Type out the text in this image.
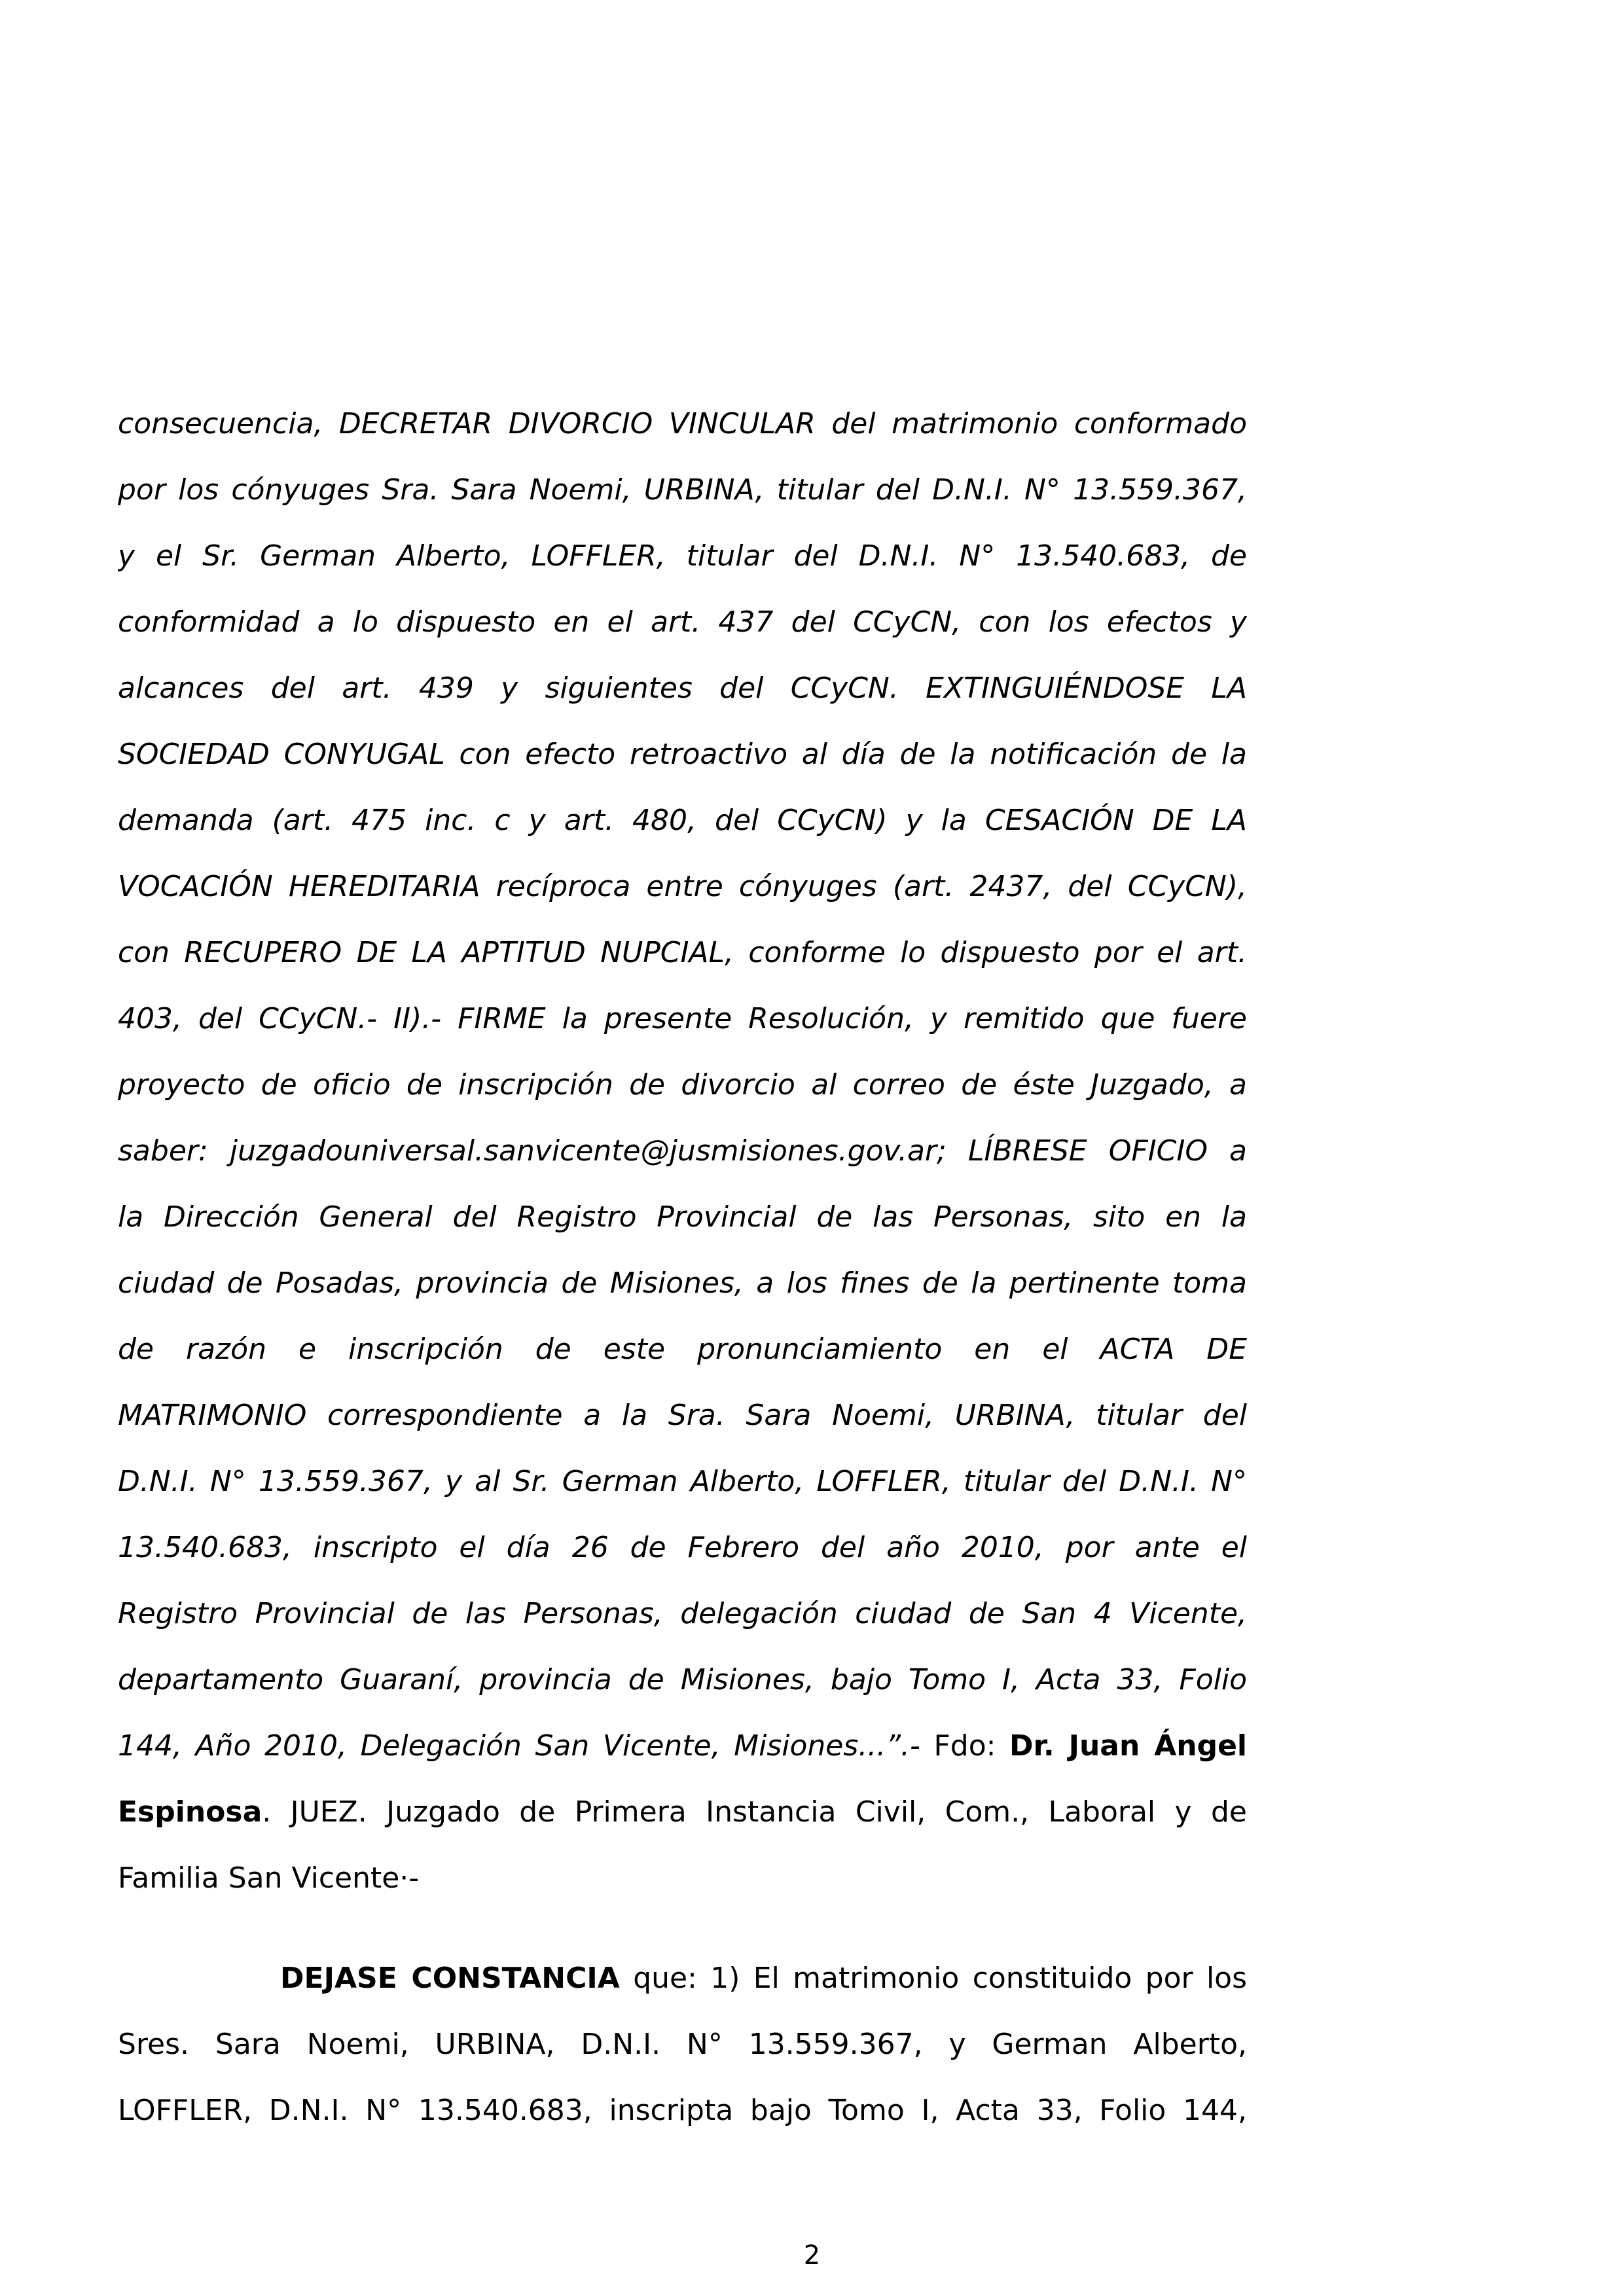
consecuencia, DECRETAR DIVORCIO VINCULAR del matrimonio conformado
por los cónyuges Sra. Sara Noemi, URBINA, titular del D.N.I. N° 13.559.367,
y el Sr. German Alberto, LOFFLER, titular del D.N.I. N° 13.540.683, de
conformidad a lo dispuesto en el art. 437 del CCyCN, con los efectos y
alcances del art. 439 y siguientes del CCyCN. EXTINGUIÉNDOSE LA
SOCIEDAD CONYUGAL con efecto retroactivo al día de la notificación de la
demanda (art. 475 inc. c y art. 480, del CCyCN) y la CESACIÓN DE LA
VOCACIÓN HEREDITARIA recíproca entre cónyuges (art. 2437, del CCyCN),
con RECUPERO DE LA APTITUD NUPCIAL, conforme lo dispuesto por el art.
403, del CCyCN.- II).- FIRME la presente Resolución, y remitido que fuere
proyecto de oficio de inscripción de divorcio al correo de éste Juzgado, a
saber: juzgadouniversal.sanvicente@jusmisiones.gov.ar; LÍBRESE OFICIO a
la Dirección General del Registro Provincial de las Personas, sito en la
ciudad de Posadas, provincia de Misiones, a los fines de la pertinente toma
de razón e inscripción de este pronunciamiento en el ACTA DE
MATRIMONIO correspondiente a la Sra. Sara Noemi, URBINA, titular del
D.N.I. N° 13.559.367, y al Sr. German Alberto, LOFFLER, titular del D.N.I. N°
13.540.683, inscripto el día 26 de Febrero del año 2010, por ante el
Registro Provincial de las Personas, delegación ciudad de San 4 Vicente,
departamento Guaraní, provincia de Misiones, bajo Tomo I, Acta 33, Folio
144, Año 2010, Delegación San Vicente, Misiones...”.- Fdo: Dr. Juan Ángel
Espinosa. JUEZ. Juzgado de Primera Instancia Civil, Com., Laboral y de
Familia San Vicente·-
DEJASE CONSTANCIA que: 1) El matrimonio constituido por los
Sres. Sara Noemi, URBINA, D.N.I. N° 13.559.367, y German Alberto,
LOFFLER, D.N.I. N° 13.540.683, inscripta bajo Tomo I, Acta 33, Folio 144,
2
